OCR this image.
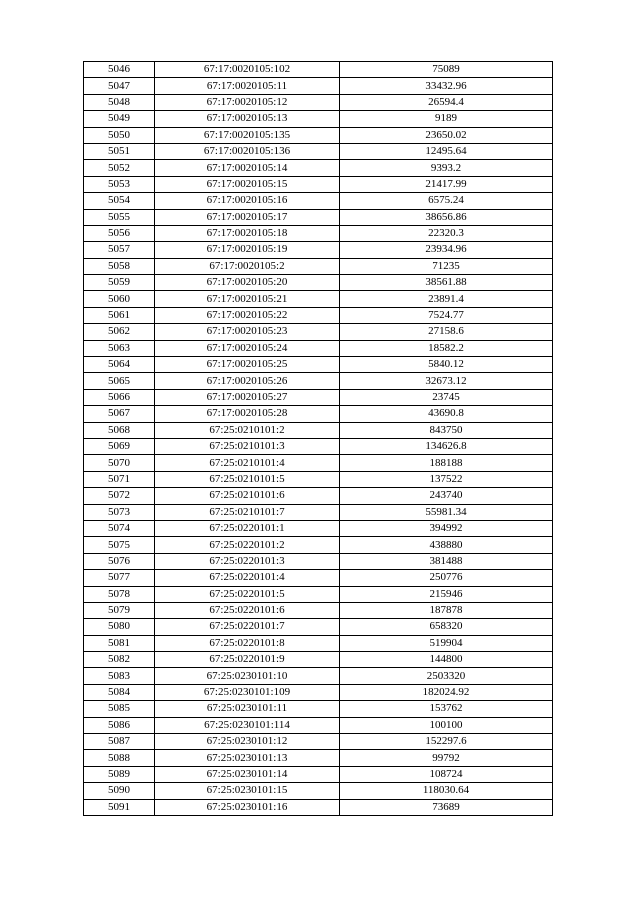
5046	67:17:0020105:102	75089
5047	67:17:0020105:11	33432.96
5048	67:17:0020105:12	26594.4
5049	67:17:0020105:13	9189
5050	67:17:0020105:135	23650.02
5051	67:17:0020105:136	12495.64
5052	67:17:0020105:14	9393.2
5053	67:17:0020105:15	21417.99
5054	67:17:0020105:16	6575.24
5055	67:17:0020105:17	38656.86
5056	67:17:0020105:18	22320.3
5057	67:17:0020105:19	23934.96
5058	67:17:0020105:2	71235
5059	67:17:0020105:20	38561.88
5060	67:17:0020105:21	23891.4
5061	67:17:0020105:22	7524.77
5062	67:17:0020105:23	27158.6
5063	67:17:0020105:24	18582.2
5064	67:17:0020105:25	5840.12
5065	67:17:0020105:26	32673.12
5066	67:17:0020105:27	23745
5067	67:17:0020105:28	43690.8
5068	67:25:0210101:2	843750
5069	67:25:0210101:3	134626.8
5070	67:25:0210101:4	188188
5071	67:25:0210101:5	137522
5072	67:25:0210101:6	243740
5073	67:25:0210101:7	55981.34
5074	67:25:0220101:1	394992
5075	67:25:0220101:2	438880
5076	67:25:0220101:3	381488
5077	67:25:0220101:4	250776
5078	67:25:0220101:5	215946
5079	67:25:0220101:6	187878
5080	67:25:0220101:7	658320
5081	67:25:0220101:8	519904
5082	67:25:0220101:9	144800
5083	67:25:0230101:10	2503320
5084	67:25:0230101:109	182024.92
5085	67:25:0230101:11	153762
5086	67:25:0230101:114	100100
5087	67:25:0230101:12	152297.6
5088	67:25:0230101:13	99792
5089	67:25:0230101:14	108724
5090	67:25:0230101:15	118030.64
5091	67:25:0230101:16	73689
